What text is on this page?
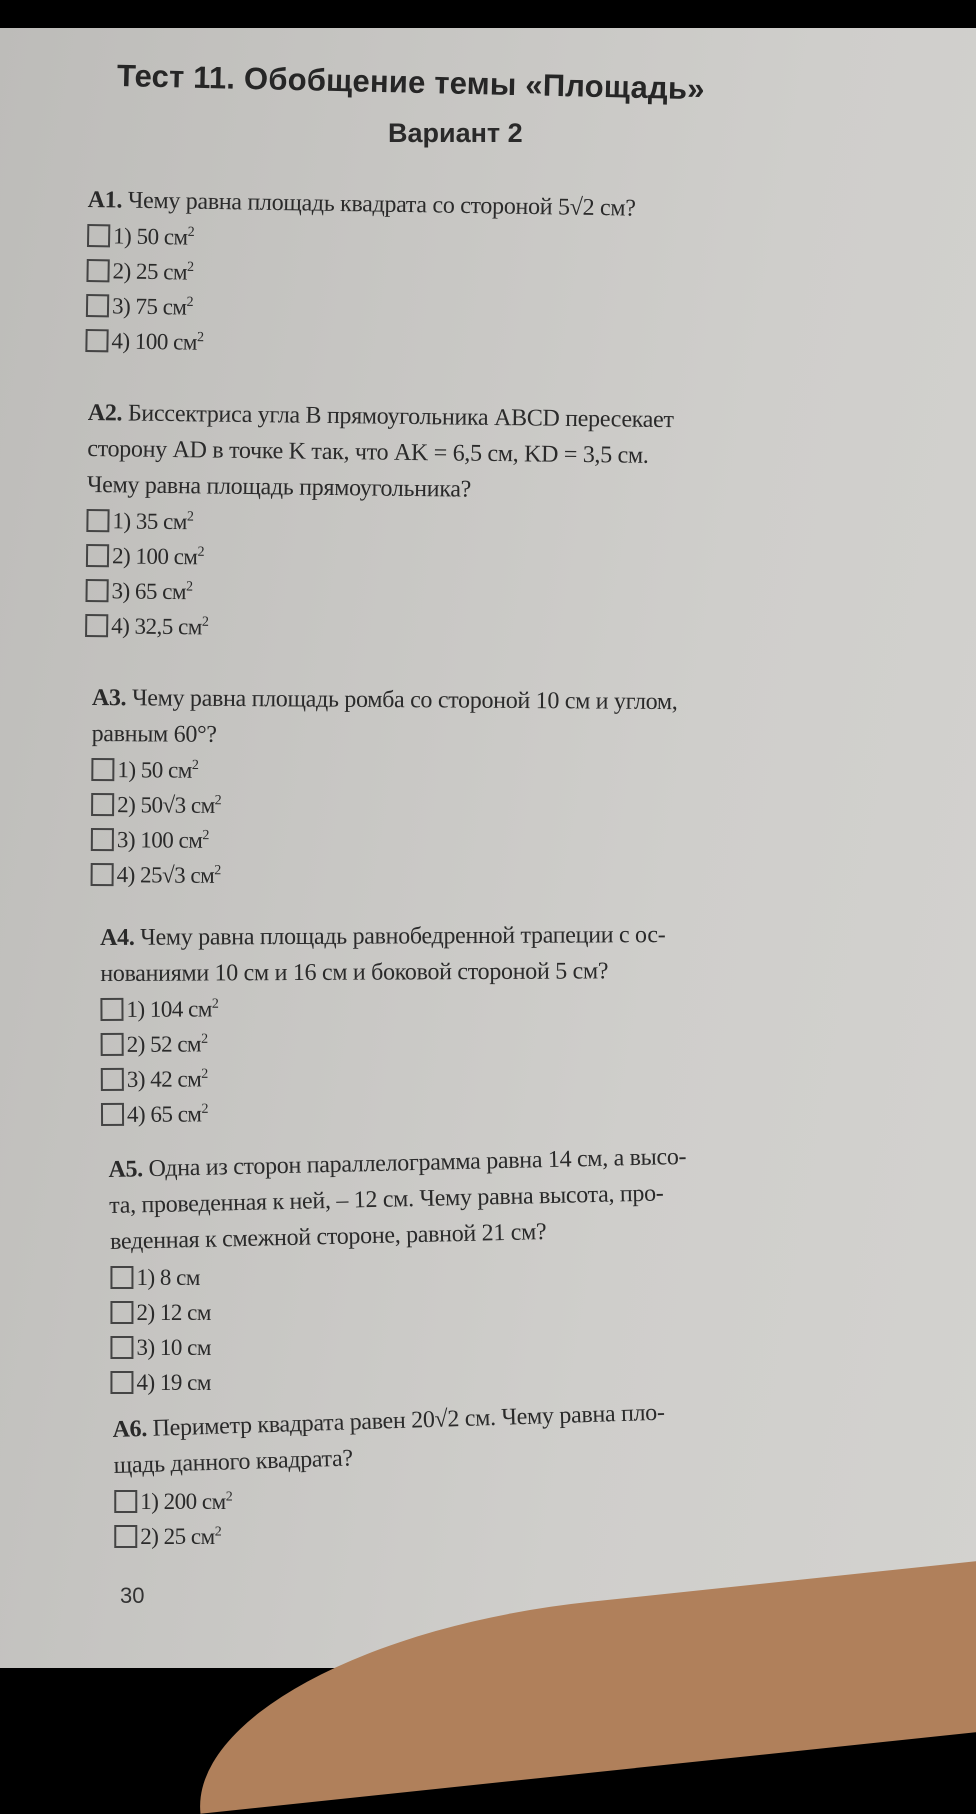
Тест 11. Обобщение темы «Площадь»
Вариант 2

А1. Чему равна площадь квадрата со стороной 5√2 см?

1) 50 $см^2$
2) 25 $см^2$
3) 75 $см^2$
4) 100 $см^2$

А2. Биссектриса угла B прямоугольника ABCD пересекает
сторону AD в точке K так, что AK = 6,5 см, KD = 3,5 см.
Чему равна площадь прямоугольника?

1) 35 $см^2$
2) 100 $см^2$
3) 65 $см^2$
4) 32,5 $см^2$

А3. Чему равна площадь ромба со стороной 10 см и углом,
равным 60°?

1) 50 $см^2$
2) 50√3 $см^2$
3) 100 $см^2$
4) 25√3 $см^2$

А4. Чему равна площадь равнобедренной трапеции с ос-
нованиями 10 см и 16 см и боковой стороной 5 см?

1) 104 $см^2$
2) 52 $см^2$
3) 42 $см^2$
4) 65 $см^2$

А5. Одна из сторон параллелограмма равна 14 см, а высо-
та, проведенная к ней, – 12 см. Чему равна высота, про-
веденная к смежной стороне, равной 21 см?

1) 8 см
2) 12 см
3) 10 см
4) 19 см

А6. Периметр квадрата равен 20√2 см. Чему равна пло-
щадь данного квадрата?

1) 200 $см^2$
2) 25 $см^2$
30
